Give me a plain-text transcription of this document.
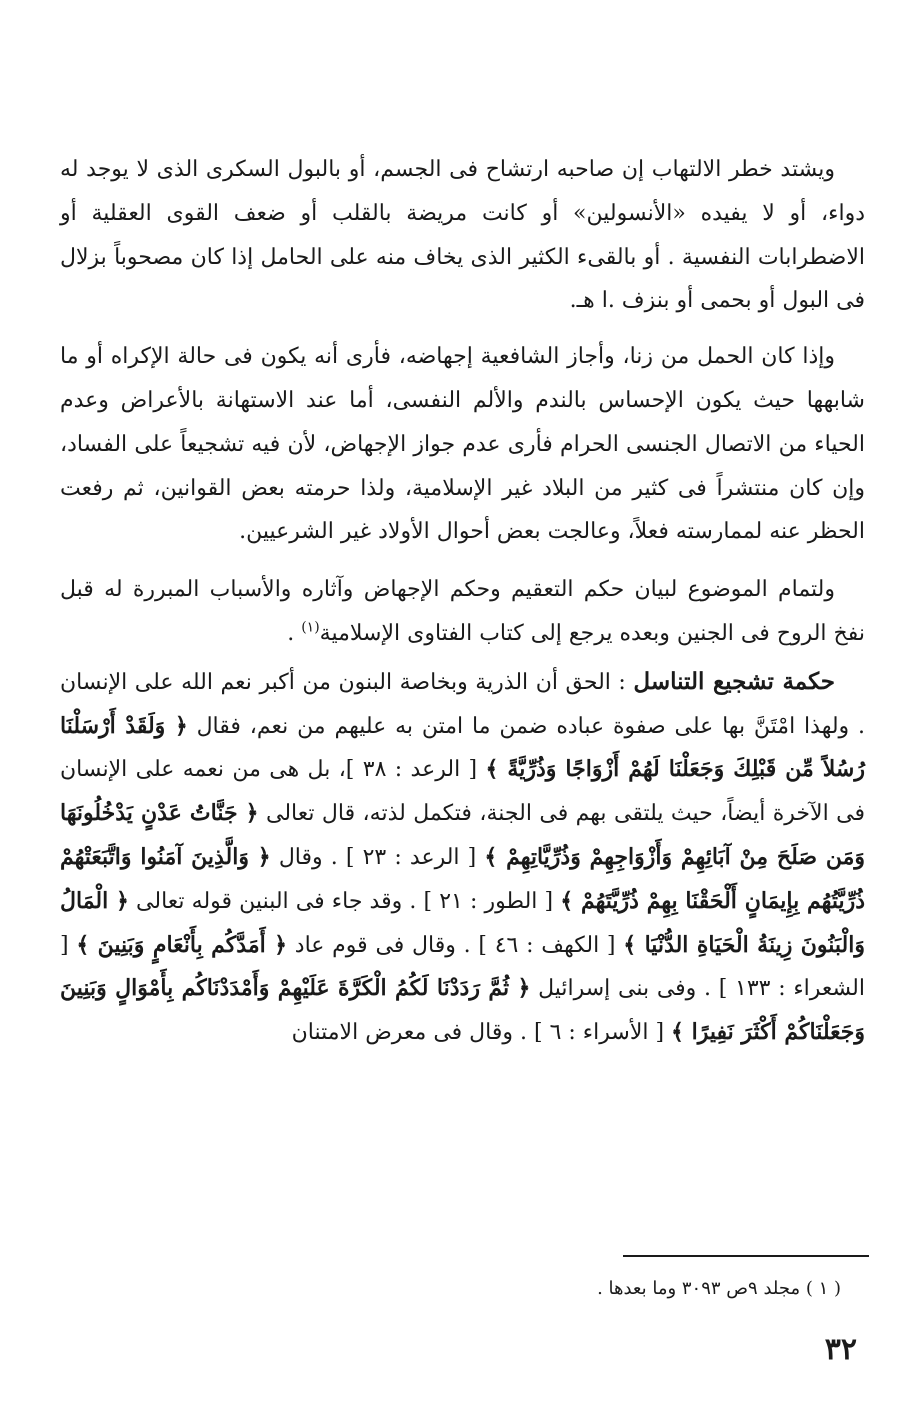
ويشتد خطر الالتهاب إن صاحبه ارتشاح فى الجسم، أو بالبول السكرى الذى لا يوجد له دواء، أو لا يفيده «الأنسولين» أو كانت مريضة بالقلب أو ضعف القوى العقلية أو الاضطرابات النفسية . أو بالقىء الكثير الذى يخاف منه على الحامل إذا كان مصحوباً بزلال فى البول أو بحمى أو بنزف .ا هـ.

وإذا كان الحمل من زنا، وأجاز الشافعية إجهاضه، فأرى أنه يكون فى حالة الإكراه أو ما شابهها حيث يكون الإحساس بالندم والألم النفسى، أما عند الاستهانة بالأعراض وعدم الحياء من الاتصال الجنسى الحرام فأرى عدم جواز الإجهاض، لأن فيه تشجيعاً على الفساد، وإن كان منتشراً فى كثير من البلاد غير الإسلامية، ولذا حرمته بعض القوانين، ثم رفعت الحظر عنه لممارسته فعلاً، وعالجت بعض أحوال الأولاد غير الشرعيين.

ولتمام الموضوع لبيان حكم التعقيم وحكم الإجهاض وآثاره والأسباب المبررة له قبل نفخ الروح فى الجنين وبعده يرجع إلى كتاب الفتاوى الإسلامية$^{(١)}$ .

حكمة تشجيع التناسل : الحق أن الذرية وبخاصة البنون من أكبر نعم الله على الإنسان . ولهذا امْتَنَّ بها على صفوة عباده ضمن ما امتن به عليهم من نعم، فقال ﴿ وَلَقَدْ أَرْسَلْنَا رُسُلاً مِّن قَبْلِكَ وَجَعَلْنَا لَهُمْ أَزْوَاجًا وَذُرِّيَّةً ﴾ [ الرعد : ٣٨ ]، بل هى من نعمه على الإنسان فى الآخرة أيضاً، حيث يلتقى بهم فى الجنة، فتكمل لذته، قال تعالى ﴿ جَنَّاتُ عَدْنٍ يَدْخُلُونَهَا وَمَن صَلَحَ مِنْ آبَائِهِمْ وَأَزْوَاجِهِمْ وَذُرِّيَّاتِهِمْ ﴾ [ الرعد : ٢٣ ] . وقال ﴿ وَالَّذِينَ آمَنُوا وَاتَّبَعَتْهُمْ ذُرِّيَّتُهُم بِإِيمَانٍ أَلْحَقْنَا بِهِمْ ذُرِّيَّتَهُمْ ﴾ [ الطور : ٢١ ] . وقد جاء فى البنين قوله تعالى ﴿ الْمَالُ وَالْبَنُونَ زِينَةُ الْحَيَاةِ الدُّنْيَا ﴾ [ الكهف : ٤٦ ] . وقال فى قوم عاد ﴿ أَمَدَّكُم بِأَنْعَامٍ وَبَنِينَ ﴾ [ الشعراء : ١٣٣ ] . وفى بنى إسرائيل ﴿ ثُمَّ رَدَدْنَا لَكُمُ الْكَرَّةَ عَلَيْهِمْ وَأَمْدَدْنَاكُم بِأَمْوَالٍ وَبَنِينَ وَجَعَلْنَاكُمْ أَكْثَرَ نَفِيرًا ﴾ [ الأسراء : ٦ ] . وقال فى معرض الامتنان

( ١ ) مجلد ٩ص ٣٠٩٣ وما بعدها .
٣٢
